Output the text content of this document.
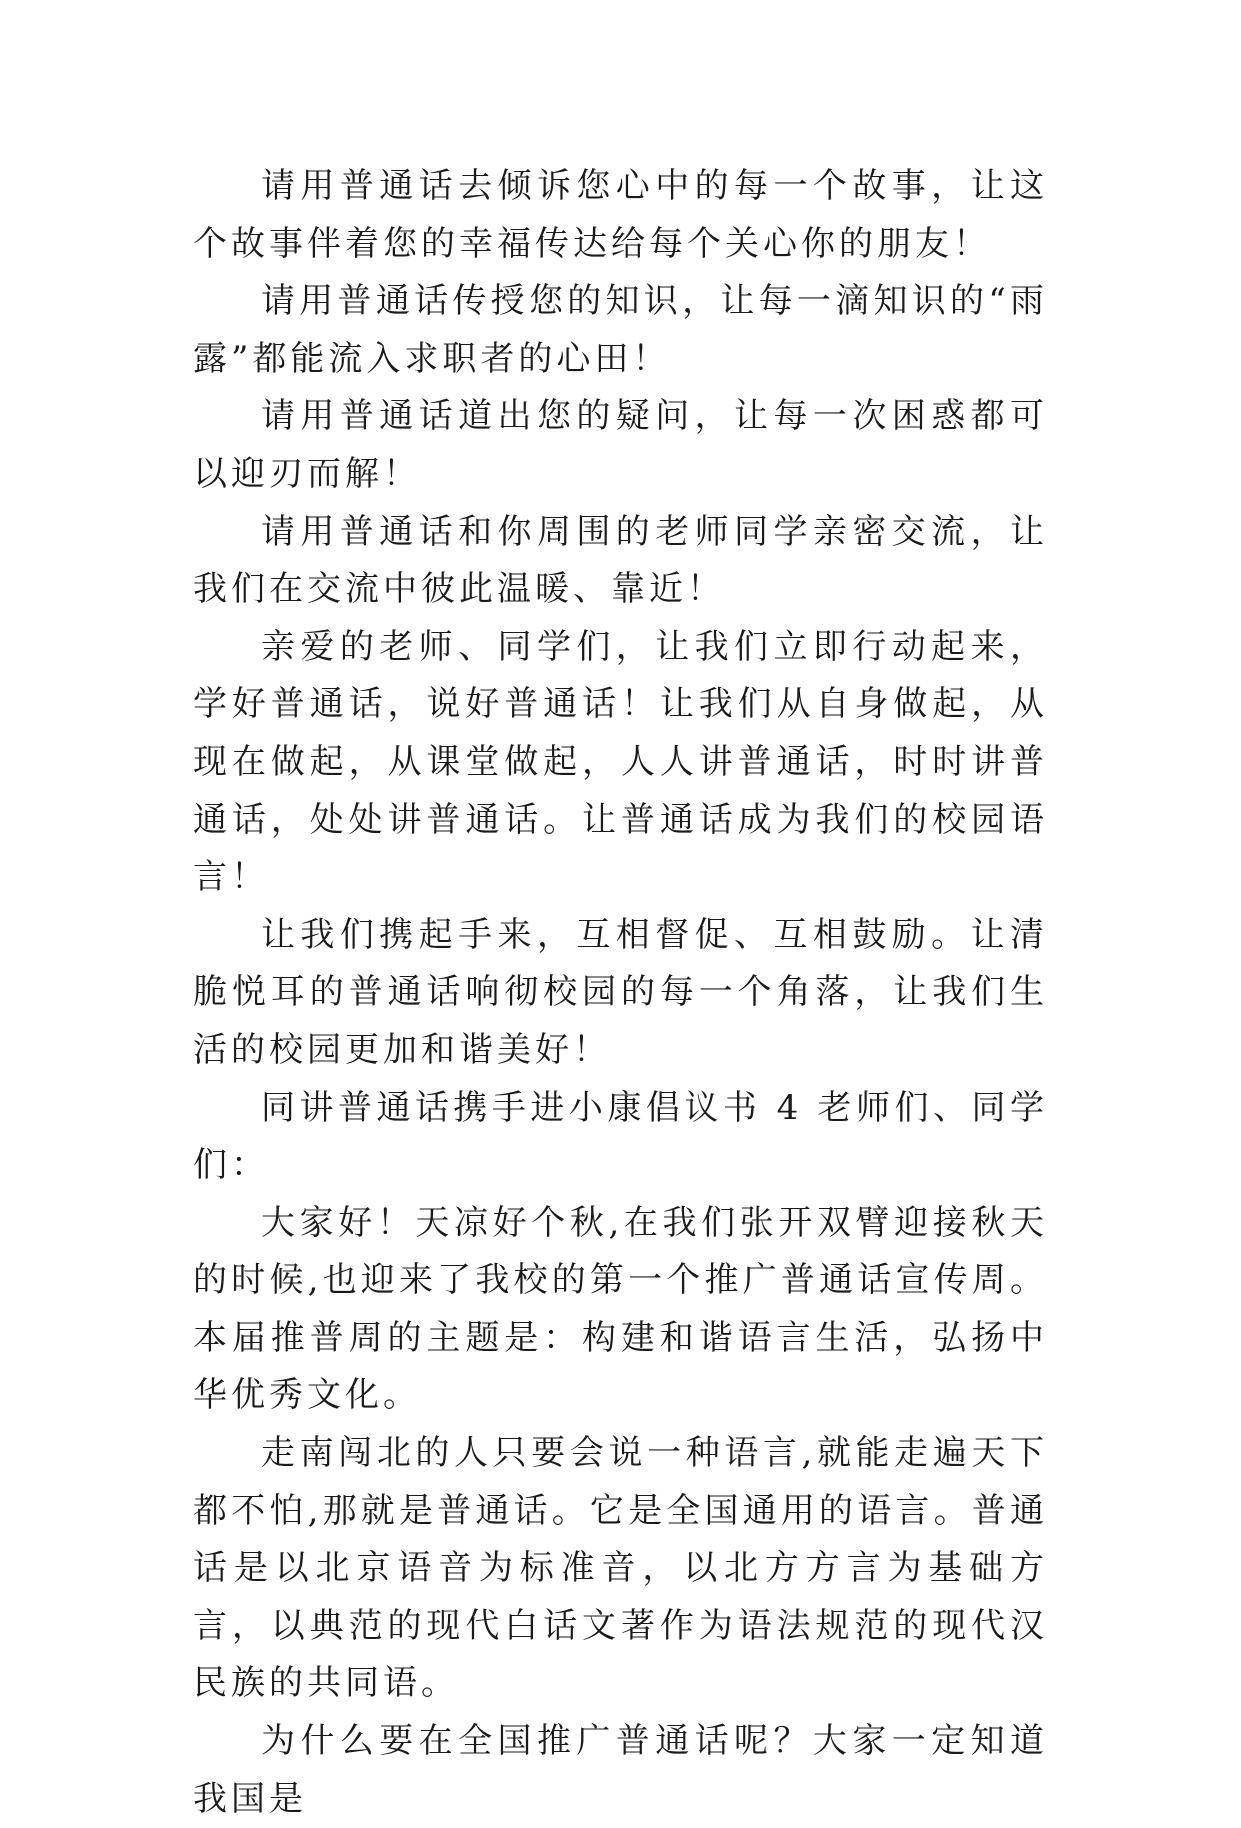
请用普通话去倾诉您心中的每一个故事，让这个故事伴着您的幸福传达给每个关心你的朋友！

请用普通话传授您的知识，让每一滴知识的“雨露”都能流入求职者的心田！

请用普通话道出您的疑问，让每一次困惑都可以迎刃而解！

请用普通话和你周围的老师同学亲密交流，让我们在交流中彼此温暖、靠近！

亲爱的老师、同学们，让我们立即行动起来，学好普通话，说好普通话！让我们从自身做起，从现在做起，从课堂做起，人人讲普通话，时时讲普通话，处处讲普通话。让普通话成为我们的校园语言！

让我们携起手来，互相督促、互相鼓励。让清脆悦耳的普通话响彻校园的每一个角落，让我们生活的校园更加和谐美好！

同讲普通话携手进小康倡议书 4 老师们、同学们：

大家好！天凉好个秋,在我们张开双臂迎接秋天的时候,也迎来了我校的第一个推广普通话宣传周。本届推普周的主题是：构建和谐语言生活，弘扬中华优秀文化。

走南闯北的人只要会说一种语言,就能走遍天下都不怕,那就是普通话。它是全国通用的语言。普通话是以北京语音为标准音，以北方方言为基础方言，以典范的现代白话文著作为语法规范的现代汉民族的共同语。

为什么要在全国推广普通话呢？大家一定知道我国是
